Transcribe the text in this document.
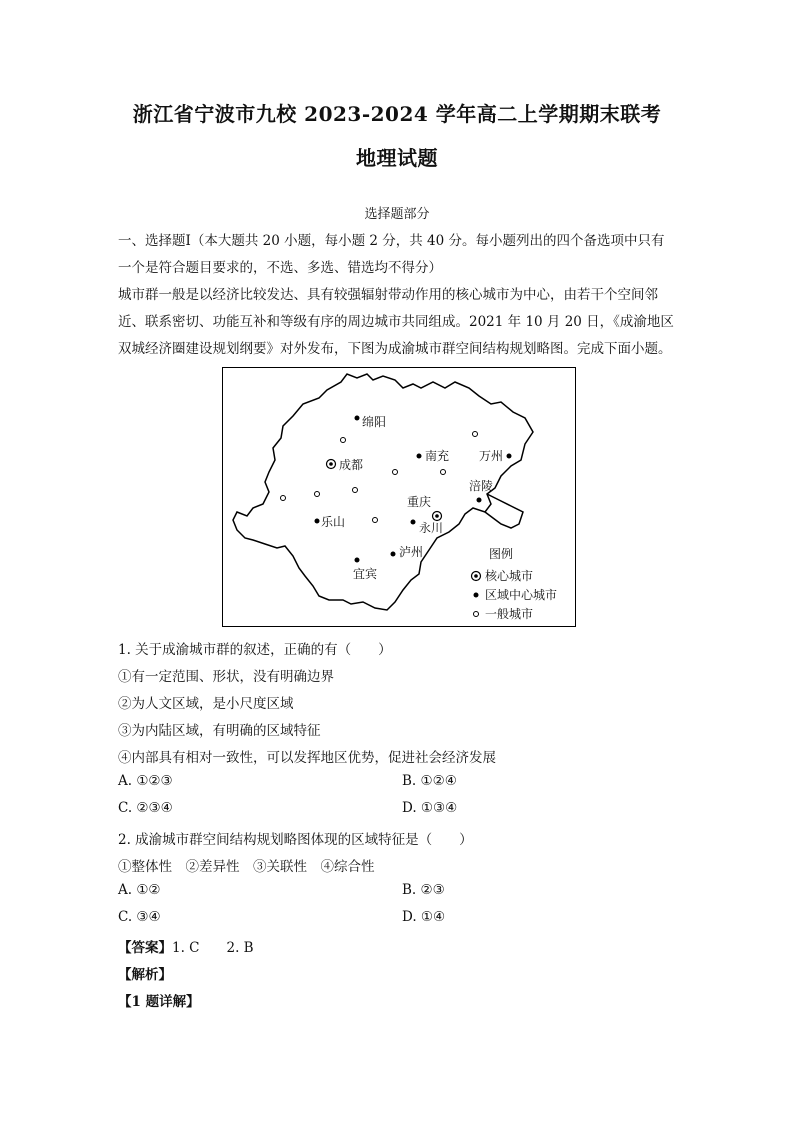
浙江省宁波市九校 2023-2024 学年高二上学期期末联考
地理试题
选择题部分
一、选择题Ⅰ（本大题共 20 小题，每小题 2 分，共 40 分。每小题列出的四个备选项中只有
一个是符合题目要求的，不选、多选、错选均不得分）
城市群一般是以经济比较发达、具有较强辐射带动作用的核心城市为中心，由若干个空间邻
近、联系密切、功能互补和等级有序的周边城市共同组成。2021 年 10 月 20 日，《成渝地区
双城经济圈建设规划纲要》对外发布，下图为成渝城市群空间结构规划略图。完成下面小题。
绵阳
成都
南充 万州
涪陵
重庆
乐山	永川
泸州
宜宾
图例
核心城市
区域中心城市
一般城市
1. 关于成渝城市群的叙述，正确的有（　　）
①有一定范围、形状，没有明确边界
②为人文区域，是小尺度区域
③为内陆区域，有明确的区域特征
④内部具有相对一致性，可以发挥地区优势，促进社会经济发展
A. ①②③	B. ①②④
C. ②③④	D. ①③④
2. 成渝城市群空间结构规划略图体现的区域特征是（　　）
①整体性　②差异性　③关联性　④综合性
A. ①②	B. ②③
C. ③④	D. ①④
【答案】1. C　　2. B
【解析】
【1 题详解】
